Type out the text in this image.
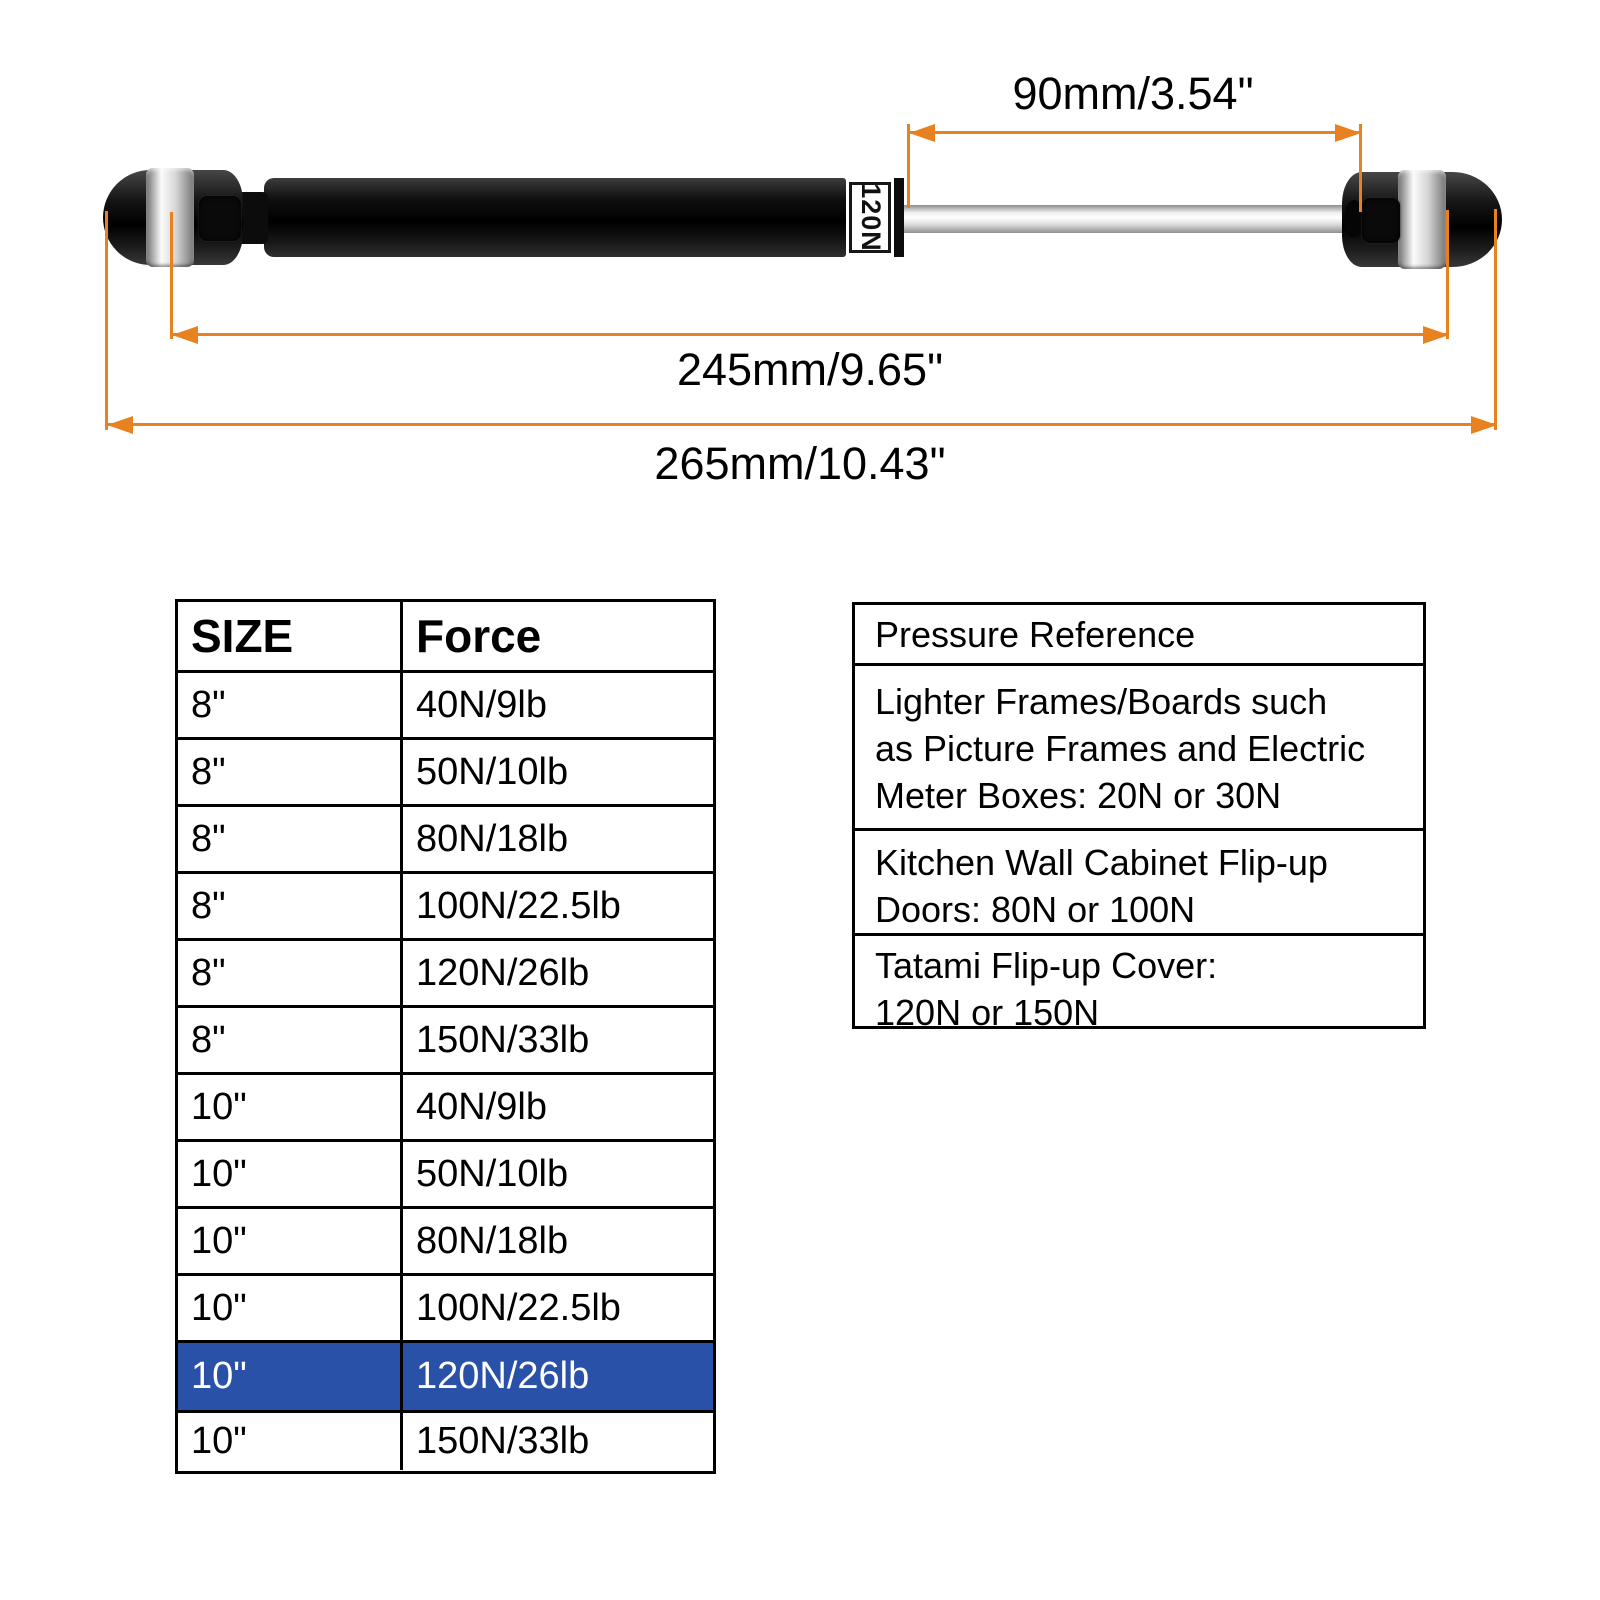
120N
90mm/3.54"
245mm/9.65"
265mm/10.43"
SIZE	Force
8"	40N/9lb
8"	50N/10lb
8"	80N/18lb
8"	100N/22.5lb
8"	120N/26lb
8"	150N/33lb
10"	40N/9lb
10"	50N/10lb
10"	80N/18lb
10"	100N/22.5lb
10"	120N/26lb
10"	150N/33lb
Pressure Reference
Lighter Frames/Boards such
as Picture Frames and Electric
Meter Boxes: 20N or 30N
Kitchen Wall Cabinet Flip-up
Doors: 80N or 100N
Tatami Flip-up Cover:
120N or 150N
